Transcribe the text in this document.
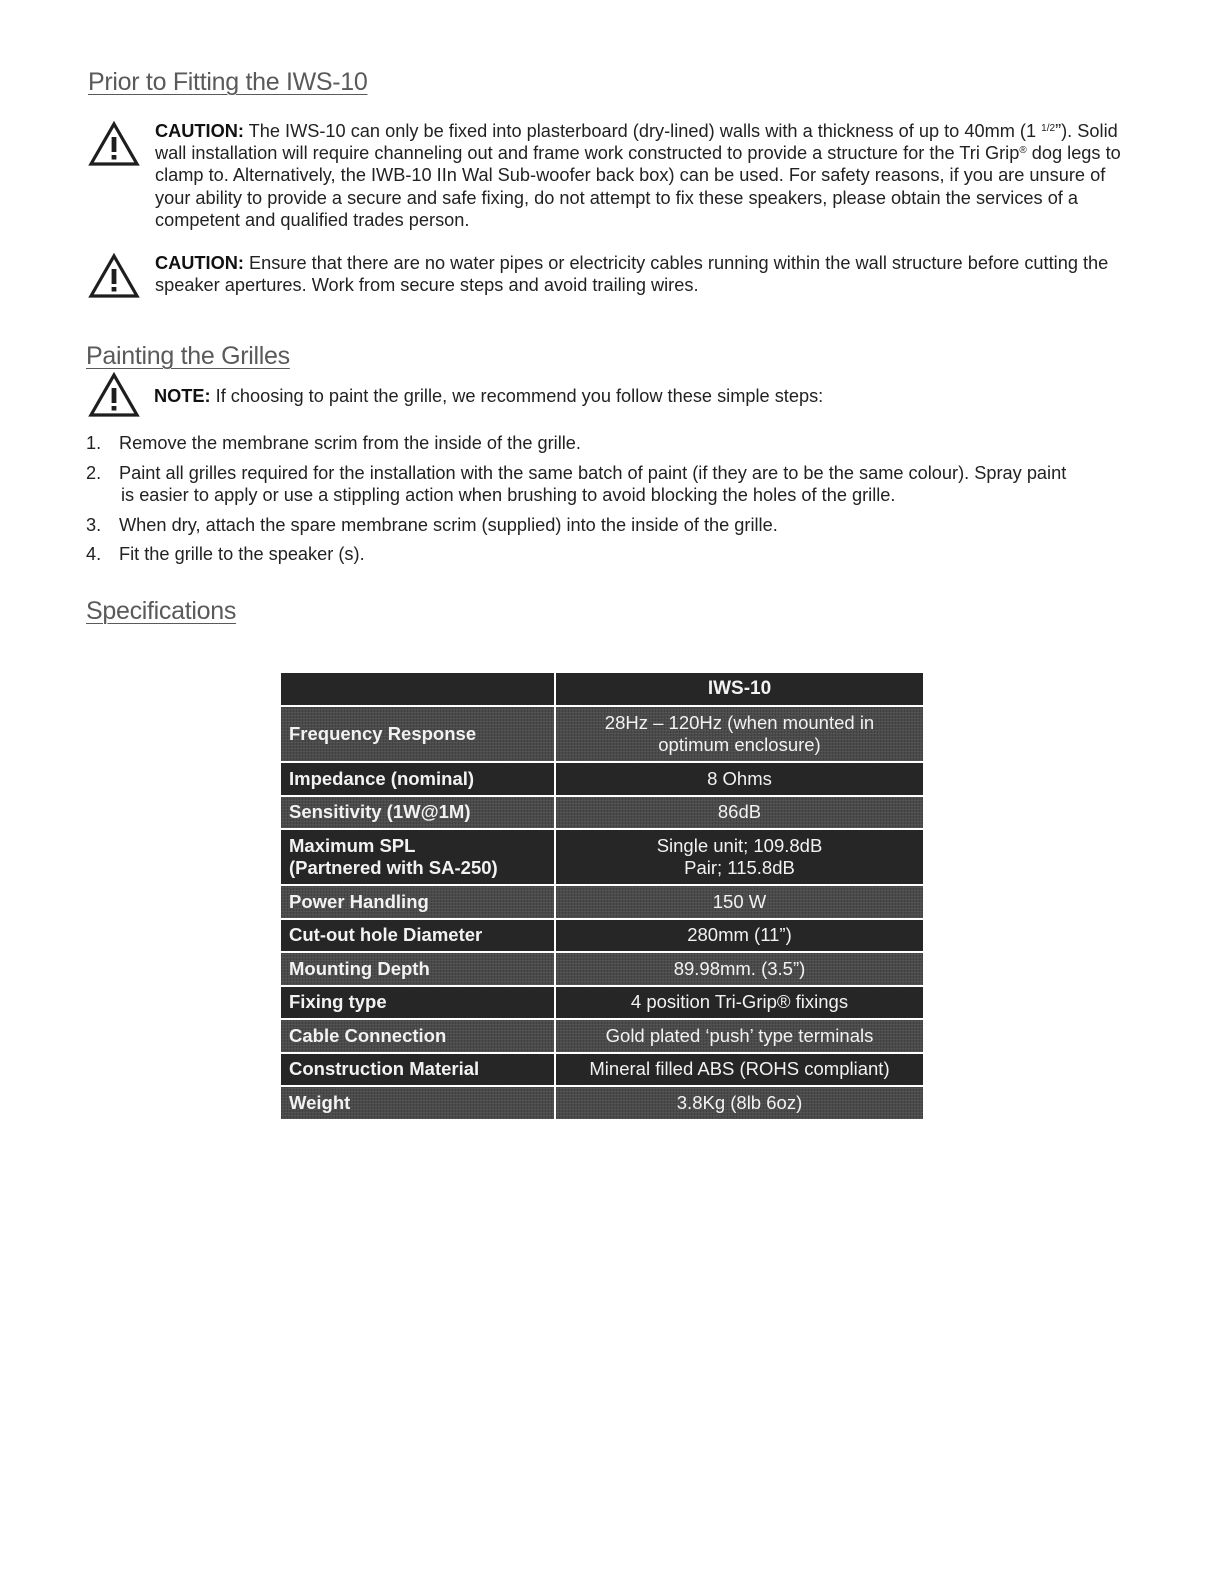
Prior to Fitting the IWS-10
CAUTION: The IWS-10 can only be fixed into plasterboard (dry-lined) walls with a thickness of up to 40mm (1 $^{1/2}$”). Solid wall installation will require channeling out and frame work constructed to provide a structure for the Tri Grip® dog legs to clamp to. Alternatively, the IWB-10 IIn Wal Sub-woofer back box) can be used. For safety reasons, if you are unsure of your ability to provide a secure and safe fixing, do not attempt to fix these speakers, please obtain the services of a competent and qualified trades person.
CAUTION: Ensure that there are no water pipes or electricity cables running within the wall structure before cutting the speaker apertures. Work from secure steps and avoid trailing wires.
Painting the Grilles
NOTE: If choosing to paint the grille, we recommend you follow these simple steps:
1. Remove the membrane scrim from the inside of the grille.
2. Paint all grilles required for the installation with the same batch of paint (if they are to be the same colour). Spray paint
is easier to apply or use a stippling action when brushing to avoid blocking the holes of the grille.
3. When dry, attach the spare membrane scrim (supplied) into the inside of the grille.
4. Fit the grille to the speaker (s).
Specifications
	IWS-10
Frequency Response	28Hz – 120Hz (when mounted in
optimum enclosure)
Impedance (nominal)	8 Ohms
Sensitivity (1W@1M)	86dB
Maximum SPL
(Partnered with SA-250)	Single unit; 109.8dB
Pair; 115.8dB
Power Handling	150 W
Cut-out hole Diameter	280mm (11”)
Mounting Depth	89.98mm. (3.5”)
Fixing type	4 position Tri-Grip® fixings
Cable Connection	Gold plated ‘push’ type terminals
Construction Material	Mineral filled ABS (ROHS compliant)
Weight	3.8Kg (8lb 6oz)
